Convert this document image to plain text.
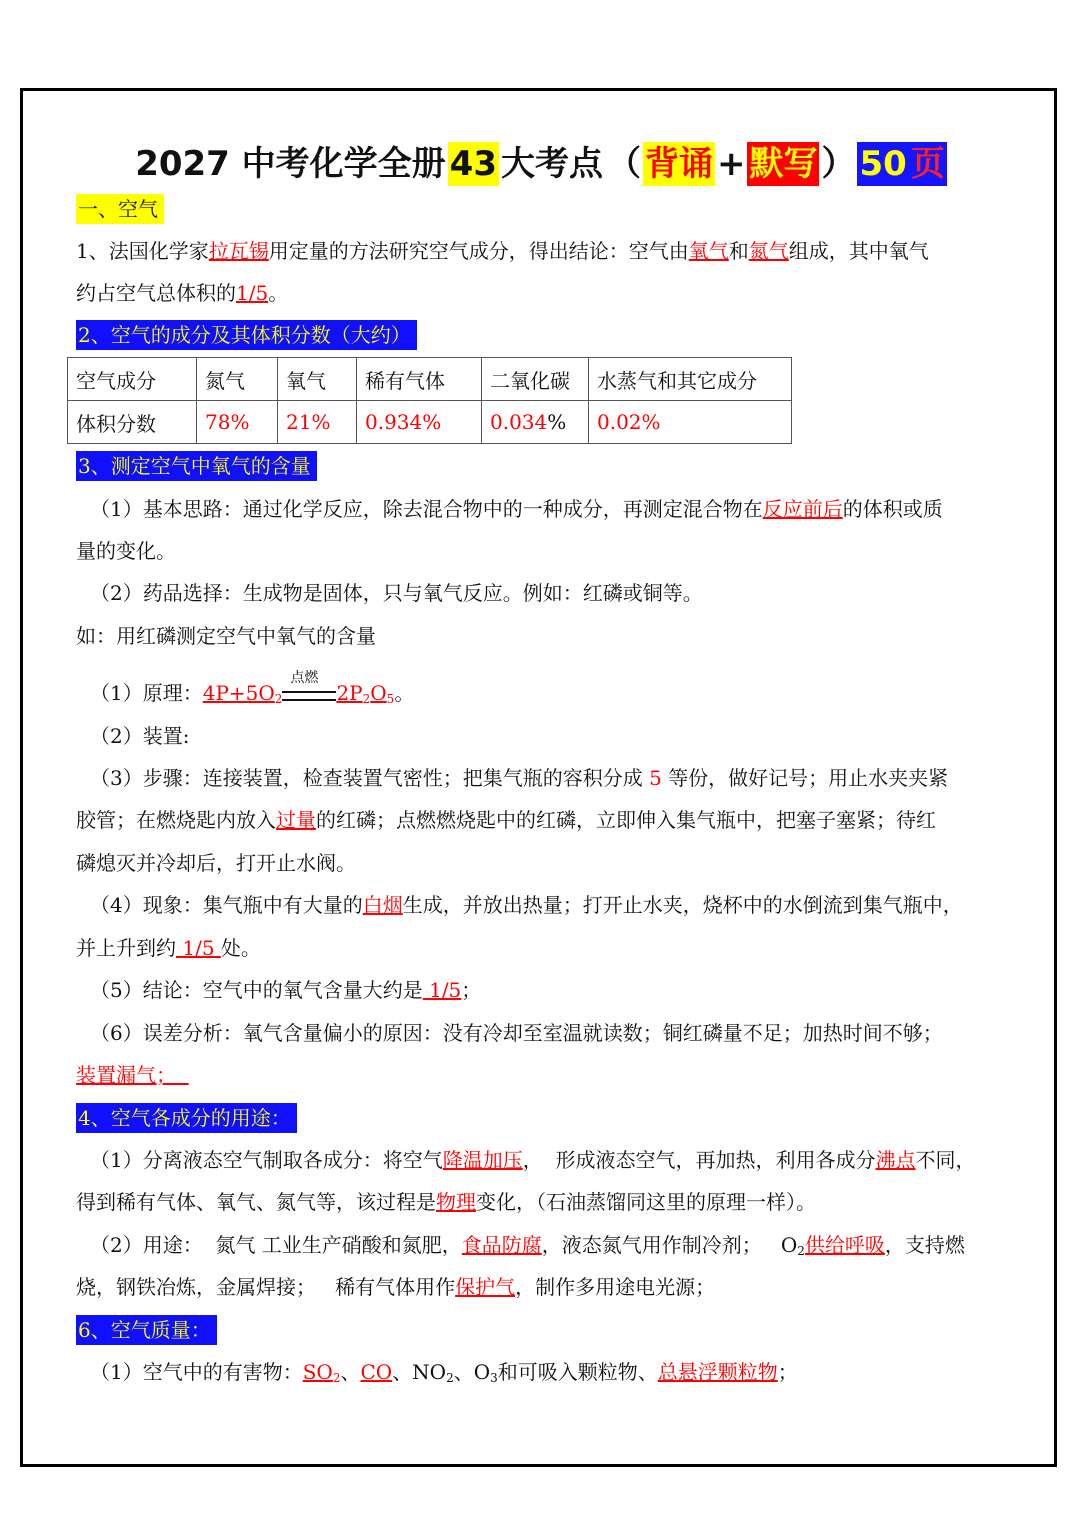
2027 中考化学全册 43 大考点 （ 背诵 + 默写 ） 50 页
一、空气
1、法国化学家拉瓦锡用定量的方法研究空气成分，得出结论：空气由氧气和氮气组成，其中氧气
约占空气总体积的1/5。
2、空气的成分及其体积分数（大约）
空气成分	氮气	氧气	稀有气体	二氧化碳	水蒸气和其它成分
体积分数	78%	21%	0.934%	0.034%	0.02%
3、测定空气中氧气的含量
（1）基本思路：通过化学反应，除去混合物中的一种成分，再测定混合物在反应前后的体积或质
量的变化。
（2）药品选择：生成物是固体，只与氧气反应。例如：红磷或铜等。
如：用红磷测定空气中氧气的含量
（1）原理：$4P+5O_2$
点燃
$2P_2O_5$。
（2）装置:
（3）步骤：连接装置，检查装置气密性；把集气瓶的容积分成 5 等份，做好记号；用止水夹夹紧
胶管；在燃烧匙内放入过量的红磷；点燃燃烧匙中的红磷，立即伸入集气瓶中，把塞子塞紧；待红
磷熄灭并冷却后，打开止水阀。
（4）现象：集气瓶中有大量的白烟生成，并放出热量；打开止水夹，烧杯中的水倒流到集气瓶中，
并上升到约 1/5 处。
（5）结论：空气中的氧气含量大约是 1/5；
（6）误差分析：氧气含量偏小的原因：没有冷却至室温就读数；铜红磷量不足；加热时间不够；
装置漏气；
4、空气各成分的用途：
（1）分离液态空气制取各成分：将空气降温加压，  形成液态空气，再加热，利用各成分沸点不同，
得到稀有气体、氧气、氮气等，该过程是物理变化，（石油蒸馏同这里的原理一样）。
（2）用途：  氮气 工业生产硝酸和氮肥，食品防腐，液态氮气用作制冷剂；   $O_2$供给呼吸，支持燃
烧，钢铁冶炼，金属焊接；   稀有气体用作保护气，制作多用途电光源；
6、空气质量：
（1）空气中的有害物：$SO_2$、CO、$NO_2$、$O_3$和可吸入颗粒物、总悬浮颗粒物；
